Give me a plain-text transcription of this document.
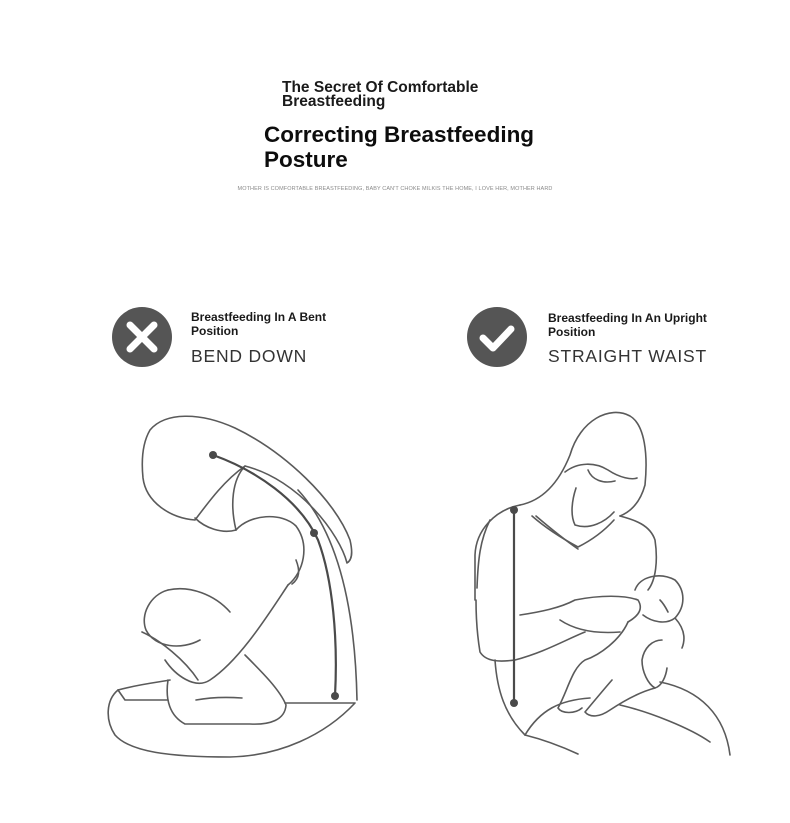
The Secret Of Comfortable Breastfeeding
Correcting Breastfeeding Posture
MOTHER IS COMFORTABLE BREASTFEEDING, BABY CAN'T CHOKE MILKIS THE HOME, I LOVE HER, MOTHER HARD
Breastfeeding In A Bent Position
BEND DOWN
Breastfeeding In An Upright Position
STRAIGHT WAIST
